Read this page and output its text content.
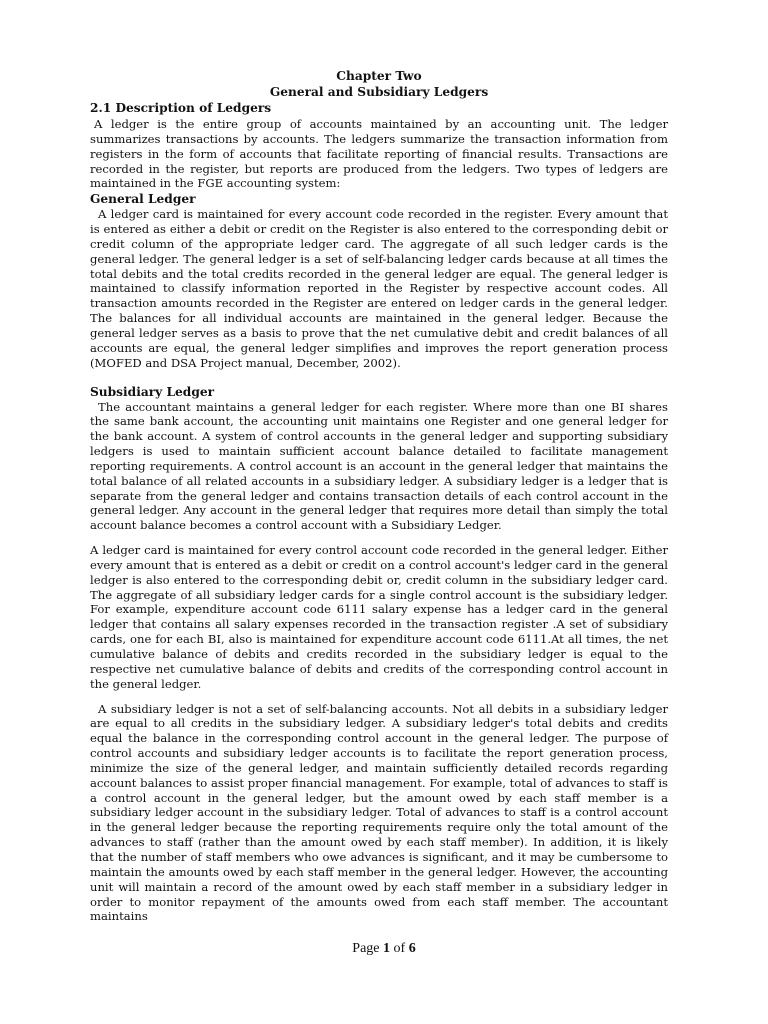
Chapter Two
General and Subsidiary Ledgers
2.1 Description of Ledgers

A ledger is the entire group of accounts maintained by an accounting unit. The ledger summarizes transactions by accounts. The ledgers summarize the transaction information from registers in the form of accounts that facilitate reporting of financial results. Transactions are recorded in the register, but reports are produced from the ledgers. Two types of ledgers are maintained in the FGE accounting system:

General Ledger

A ledger card is maintained for every account code recorded in the register. Every amount that is entered as either a debit or credit on the Register is also entered to the corresponding debit or credit column of the appropriate ledger card. The aggregate of all such ledger cards is the general ledger. The general ledger is a set of self-balancing ledger cards because at all times the total debits and the total credits recorded in the general ledger are equal. The general ledger is maintained to classify information reported in the Register by respective account codes. All transaction amounts recorded in the Register are entered on ledger cards in the general ledger. The balances for all individual accounts are maintained in the general ledger. Because the general ledger serves as a basis to prove that the net cumulative debit and credit balances of all accounts are equal, the general ledger simplifies and improves the report generation process (MOFED and DSA Project manual, December, 2002).

Subsidiary Ledger

The accountant maintains a general ledger for each register. Where more than one BI shares the same bank account, the accounting unit maintains one Register and one general ledger for the bank account. A system of control accounts in the general ledger and supporting subsidiary ledgers is used to maintain sufficient account balance detailed to facilitate management reporting requirements. A control account is an account in the general ledger that maintains the total balance of all related accounts in a subsidiary ledger. A subsidiary ledger is a ledger that is separate from the general ledger and contains transaction details of each control account in the general ledger. Any account in the general ledger that requires more detail than simply the total account balance becomes a control account with a Subsidiary Ledger.

A ledger card is maintained for every control account code recorded in the general ledger. Either every amount that is entered as a debit or credit on a control account's ledger card in the general ledger is also entered to the corresponding debit or, credit column in the subsidiary ledger card. The aggregate of all subsidiary ledger cards for a single control account is the subsidiary ledger. For example, expenditure account code 6111 salary expense has a ledger card in the general ledger that contains all salary expenses recorded in the transaction register .A set of subsidiary cards, one for each BI, also is maintained for expenditure account code 6111.At all times, the net cumulative balance of debits and credits recorded in the subsidiary ledger is equal to the respective net cumulative balance of debits and credits of the corresponding control account in the general ledger.

A subsidiary ledger is not a set of self-balancing accounts. Not all debits in a subsidiary ledger are equal to all credits in the subsidiary ledger. A subsidiary ledger's total debits and credits equal the balance in the corresponding control account in the general ledger. The purpose of control accounts and subsidiary ledger accounts is to facilitate the report generation process, minimize the size of the general ledger, and maintain sufficiently detailed records regarding account balances to assist proper financial management. For example, total of advances to staff is a control account in the general ledger, but the amount owed by each staff member is a subsidiary ledger account in the subsidiary ledger. Total of advances to staff is a control account in the general ledger because the reporting requirements require only the total amount of the advances to staff (rather than the amount owed by each staff member). In addition, it is likely that the number of staff members who owe advances is significant, and it may be cumbersome to maintain the amounts owed by each staff member in the general ledger. However, the accounting unit will maintain a record of the amount owed by each staff member in a subsidiary ledger in order to monitor repayment of the amounts owed from each staff member. The accountant maintains

Page 1 of 6
